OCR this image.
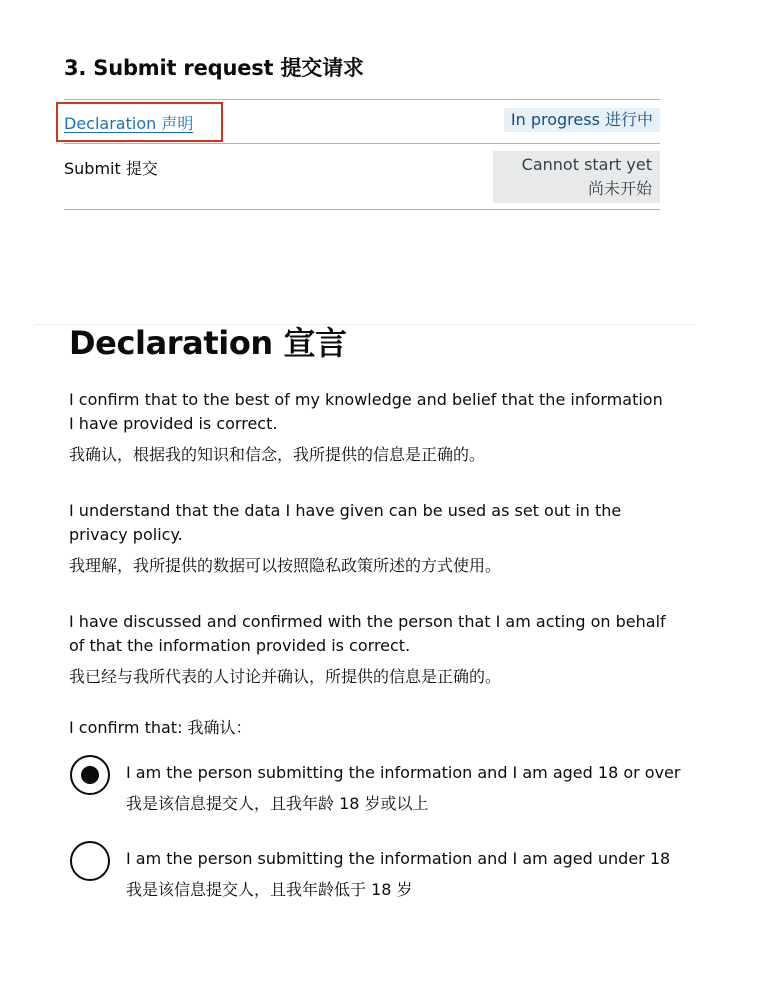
3. Submit request 提交请求
Declaration 声明	In progress 进行中
Submit 提交	Cannot start yet 尚未开始
Declaration 宣言

I confirm that to the best of my knowledge and belief that the information I have provided is correct.
我确认，根据我的知识和信念，我所提供的信息是正确的。

I understand that the data I have given can be used as set out in the privacy policy.
我理解，我所提供的数据可以按照隐私政策所述的方式使用。

I have discussed and confirmed with the person that I am acting on behalf of that the information provided is correct.
我已经与我所代表的人讨论并确认，所提供的信息是正确的。

I confirm that: 我确认：

I am the person submitting the information and I am aged 18 or over
我是该信息提交人，且我年龄 18 岁或以上
I am the person submitting the information and I am aged under 18
我是该信息提交人，且我年龄低于 18 岁
